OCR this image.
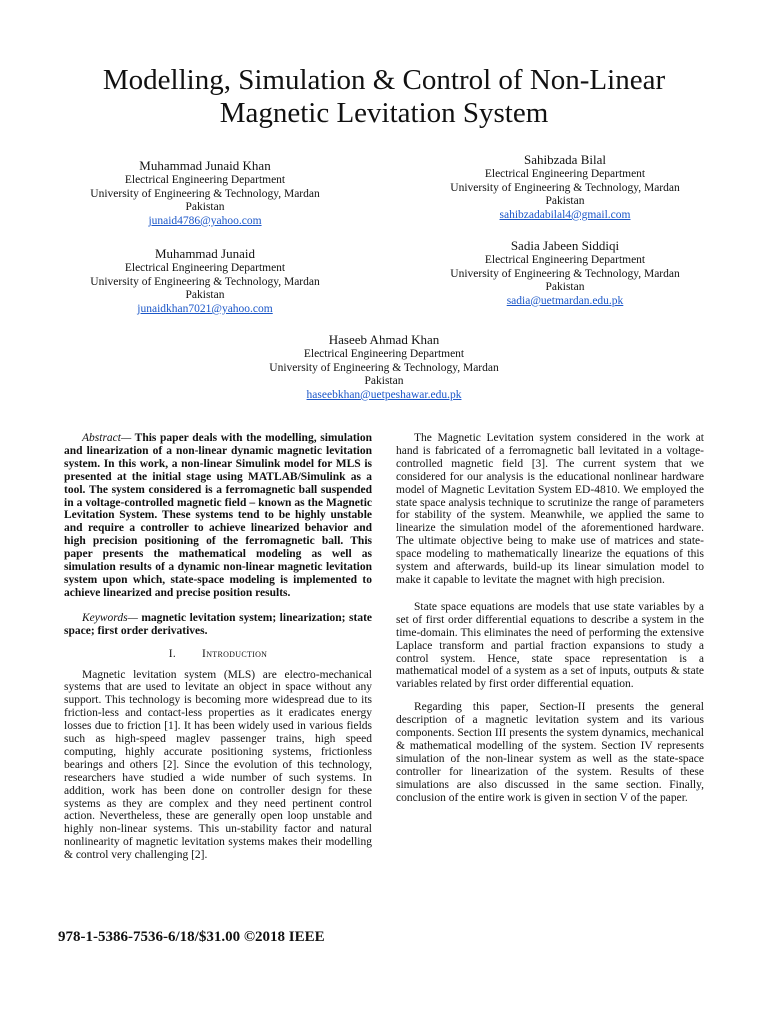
Modelling, Simulation & Control of Non-Linear
Magnetic Levitation System
Muhammad Junaid Khan
Electrical Engineering Department
University of Engineering & Technology, Mardan
Pakistan
junaid4786@yahoo.com
Sahibzada Bilal
Electrical Engineering Department
University of Engineering & Technology, Mardan
Pakistan
sahibzadabilal4@gmail.com
Muhammad Junaid
Electrical Engineering Department
University of Engineering & Technology, Mardan
Pakistan
junaidkhan7021@yahoo.com
Sadia Jabeen Siddiqi
Electrical Engineering Department
University of Engineering & Technology, Mardan
Pakistan
sadia@uetmardan.edu.pk
Haseeb Ahmad Khan
Electrical Engineering Department
University of Engineering & Technology, Mardan
Pakistan
haseebkhan@uetpeshawar.edu.pk

Abstract— This paper deals with the modelling, simulation and linearization of a non-linear dynamic magnetic levitation system. In this work, a non-linear Simulink model for MLS is presented at the initial stage using MATLAB/Simulink as a tool. The system considered is a ferromagnetic ball suspended in a voltage-controlled magnetic field – known as the Magnetic Levitation System. These systems tend to be highly unstable and require a controller to achieve linearized behavior and high precision positioning of the ferromagnetic ball. This paper presents the mathematical modeling as well as simulation results of a dynamic non-linear magnetic levitation system upon which, state-space modeling is implemented to achieve linearized and precise position results.

Keywords— magnetic levitation system; linearization; state space; first order derivatives.

I. Introduction

Magnetic levitation system (MLS) are electro-mechanical systems that are used to levitate an object in space without any support. This technology is becoming more widespread due to its friction-less and contact-less properties as it eradicates energy losses due to friction [1]. It has been widely used in various fields such as high-speed maglev passenger trains, high speed computing, highly accurate positioning systems, frictionless bearings and others [2]. Since the evolution of this technology, researchers have studied a wide number of such systems. In addition, work has been done on controller design for these systems as they are complex and they need pertinent control action. Nevertheless, these are generally open loop unstable and highly non-linear systems. This un-stability factor and natural nonlinearity of magnetic levitation systems makes their modelling & control very challenging [2].

The Magnetic Levitation system considered in the work at hand is fabricated of a ferromagnetic ball levitated in a voltage-controlled magnetic field [3]. The current system that we considered for our analysis is the educational nonlinear hardware model of Magnetic Levitation System ED-4810. We employed the state space analysis technique to scrutinize the range of parameters for stability of the system. Meanwhile, we applied the same to linearize the simulation model of the aforementioned hardware. The ultimate objective being to make use of matrices and state-space modeling to mathematically linearize the equations of this system and afterwards, build-up its linear simulation model to make it capable to levitate the magnet with high precision.

State space equations are models that use state variables by a set of first order differential equations to describe a system in the time-domain. This eliminates the need of performing the extensive Laplace transform and partial fraction expansions to study a control system. Hence, state space representation is a mathematical model of a system as a set of inputs, outputs & state variables related by first order differential equation.

Regarding this paper, Section-II presents the general description of a magnetic levitation system and its various components. Section III presents the system dynamics, mechanical & mathematical modelling of the system. Section IV represents simulation of the non-linear system as well as the state-space controller for linearization of the system. Results of these simulations are also discussed in the same section. Finally, conclusion of the entire work is given in section V of the paper.

978-1-5386-7536-6/18/$31.00 ©2018 IEEE
